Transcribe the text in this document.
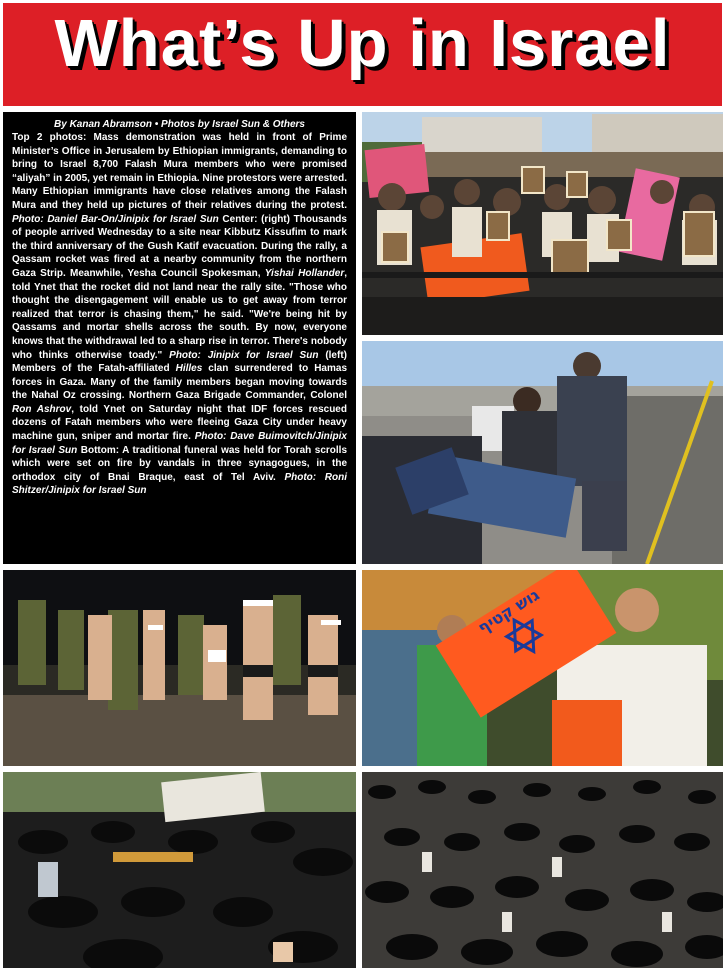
What’s Up in Israel
By Kanan Abramson • Photos by Israel Sun & Others

Top 2 photos: Mass demonstration was held in front of Prime Minister’s Office in Jerusalem by Ethiopian immigrants, demanding to bring to Israel 8,700 Falash Mura members who were promised “aliyah” in 2005, yet remain in Ethiopia. Nine protestors were arrested. Many Ethiopian immigrants have close relatives among the Falash Mura and they held up pictures of their relatives during the protest. Photo: Daniel Bar-On/Jinipix for Israel Sun Center: (right) Thousands of people arrived Wednesday to a site near Kibbutz Kissufim to mark the third anniversary of the Gush Katif evacuation. During the rally, a Qassam rocket was fired at a nearby community from the northern Gaza Strip. Meanwhile, Yesha Council Spokesman, Yishai Hollander, told Ynet that the rocket did not land near the rally site. "Those who thought the disengagement will enable us to get away from terror realized that terror is chasing them," he said. "We're being hit by Qassams and mortar shells across the south. By now, everyone knows that the withdrawal led to a sharp rise in terror. There's nobody who thinks otherwise toady." Photo: Jinipix for Israel Sun (left) Members of the Fatah-affiliated Hilles clan surrendered to Hamas forces in Gaza. Many of the family members began moving towards the Nahal Oz crossing. Northern Gaza Brigade Commander, Colonel Ron Ashrov, told Ynet on Saturday night that IDF forces rescued dozens of Fatah members who were fleeing Gaza City under heavy machine gun, sniper and mortar fire. Photo: Dave Buimovitch/Jinipix for Israel Sun Bottom: A traditional funeral was held for Torah scrolls which were set on fire by vandals in three synagogues, in the orthodox city of Bnai Braque, east of Tel Aviv. Photo: Roni Shitzer/Jinipix for Israel Sun

גוש קטיף
